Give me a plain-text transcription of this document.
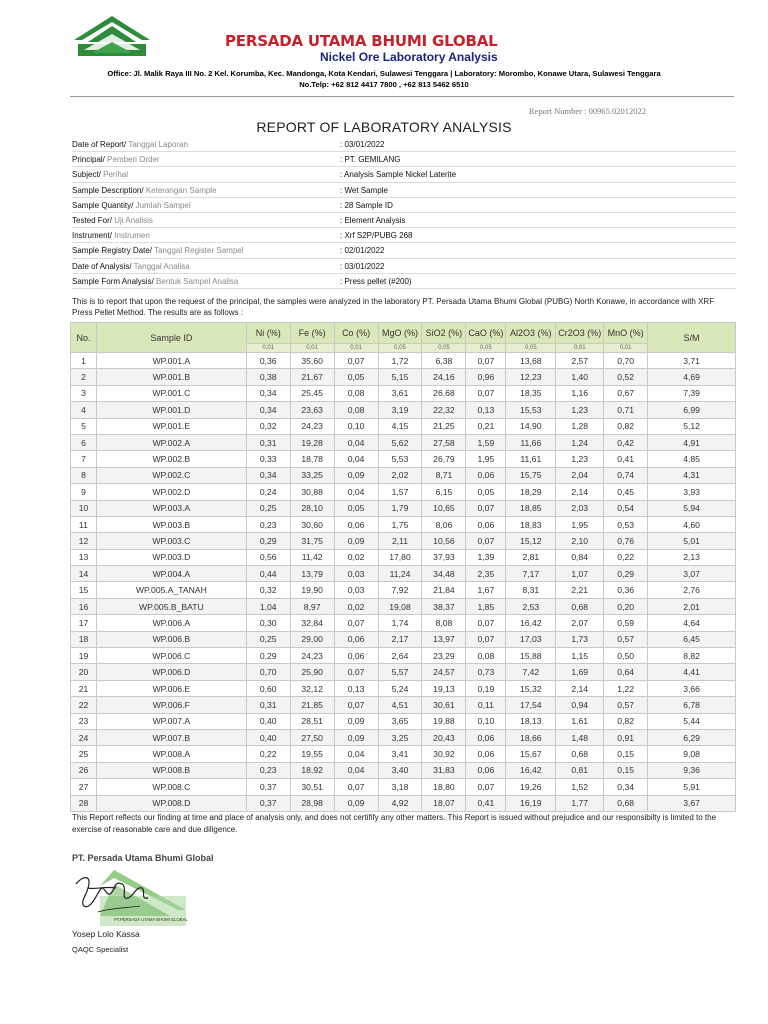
PERSADA UTAMA BHUMI GLOBAL
Nickel Ore Laboratory Analysis
Office: Jl. Malik Raya III No. 2 Kel. Korumba, Kec. Mandonga, Kota Kendari, Sulawesi Tenggara | Laboratory: Morombo, Konawe Utara, Sulawesi Tenggara
No.Telp: +62 812 4417 7800 , +62 813 5462 6510
Report Number : 00965.02012022
REPORT OF LABORATORY ANALYSIS
Date of Report/ Tanggal Laporan	: 03/01/2022
Principal/ Pemberi Order	: PT. GEMILANG
Subject/ Perihal	: Analysis Sample Nickel Laterite
Sample Description/ Keterangan Sample	: Wet Sample
Sample Quantity/ Jumlah Sampel	: 28 Sample ID
Tested For/ Uji Analisis	: Element Analysis
Instrument/ Instrumen	: Xrf S2P/PUBG 268
Sample Registry Date/ Tanggal Register Sampel	: 02/01/2022
Date of Analysis/ Tanggal Analisa	: 03/01/2022
Sample Form Analysis/ Bentuk Sampel Analisa	: Press pellet (#200)
This is to report that upon the request of the principal, the samples were analyzed in the laboratory PT. Persada Utama Bhumi Global (PUBG) North Konawe, in accordance with XRF Press Pellet Method. The results are as follows :
No.	Sample ID	Ni (%)	Fe (%)	Co (%)	MgO (%)	SiO2 (%)	CaO (%)	Al2O3 (%)	Cr2O3 (%)	MnO (%)	S/M
		0,01	0,01	0,01	0,05	0,05	0,05	0,05	0,01	0,01	
1	WP.001.A	0,36	35,60	0,07	1,72	6,38	0,07	13,68	2,57	0,70	3,71
2	WP.001.B	0,38	21,67	0,05	5,15	24,16	0,96	12,23	1,40	0,52	4,69
3	WP.001.C	0,34	25,45	0,08	3,61	26,68	0,07	18,35	1,16	0,67	7,39
4	WP.001.D	0,34	23,63	0,08	3,19	22,32	0,13	15,53	1,23	0,71	6,99
5	WP.001.E	0,32	24,23	0,10	4,15	21,25	0,21	14,90	1,28	0,82	5,12
6	WP.002.A	0,31	19,28	0,04	5,62	27,58	1,59	11,66	1,24	0,42	4,91
7	WP.002.B	0,33	18,78	0,04	5,53	26,79	1,95	11,61	1,23	0,41	4,85
8	WP.002.C	0,34	33,25	0,09	2,02	8,71	0,06	15,75	2,04	0,74	4,31
9	WP.002.D	0,24	30,88	0,04	1,57	6,15	0,05	18,29	2,14	0,45	3,93
10	WP.003.A	0,25	28,10	0,05	1,79	10,65	0,07	18,85	2,03	0,54	5,94
11	WP.003.B	0,23	30,60	0,06	1,75	8,06	0,06	18,83	1,95	0,53	4,60
12	WP.003.C	0,29	31,75	0,09	2,11	10,56	0,07	15,12	2,10	0,76	5,01
13	WP.003.D	0,56	11,42	0,02	17,80	37,93	1,39	2,81	0,84	0,22	2,13
14	WP.004.A	0,44	13,79	0,03	11,24	34,48	2,35	7,17	1,07	0,29	3,07
15	WP.005.A_TANAH	0,32	19,90	0,03	7,92	21,84	1,67	8,31	2,21	0,36	2,76
16	WP.005.B_BATU	1,04	8,97	0,02	19,08	38,37	1,85	2,53	0,68	0,20	2,01
17	WP.006.A	0,30	32,84	0,07	1,74	8,08	0,07	16,42	2,07	0,59	4,64
18	WP.006.B	0,25	29,00	0,06	2,17	13,97	0,07	17,03	1,73	0,57	6,45
19	WP.006.C	0,29	24,23	0,06	2,64	23,29	0,08	15,88	1,15	0,50	8,82
20	WP.006.D	0,70	25,90	0,07	5,57	24,57	0,73	7,42	1,69	0,64	4,41
21	WP.006.E	0,60	32,12	0,13	5,24	19,13	0,19	15,32	2,14	1,22	3,66
22	WP.006.F	0,31	21,85	0,07	4,51	30,61	0,11	17,54	0,94	0,57	6,78
23	WP.007.A	0,40	28,51	0,09	3,65	19,88	0,10	18,13	1,61	0,82	5,44
24	WP.007.B	0,40	27,50	0,09	3,25	20,43	0,06	18,66	1,48	0,91	6,29
25	WP.008.A	0,22	19,55	0,04	3,41	30,92	0,06	15,67	0,68	0,15	9,08
26	WP.008.B	0,23	18,92	0,04	3,40	31,83	0,06	16,42	0,81	0,15	9,36
27	WP.008.C	0,37	30,51	0,07	3,18	18,80	0,07	19,26	1,52	0,34	5,91
28	WP.008.D	0,37	28,98	0,09	4,92	18,07	0,41	16,19	1,77	0,68	3,67
This Report reflects our finding at time and place of analysis only, and does not certifify any other matters. This Report is issued without prejudice and our responsibilty is limited to the exercise of reasonable care and due diligence.
PT. Persada Utama Bhumi Global
PT.PERSADA UTAMA BHUMI GLOBAL
Yosep Lolo Kassa
QAQC Specialist
